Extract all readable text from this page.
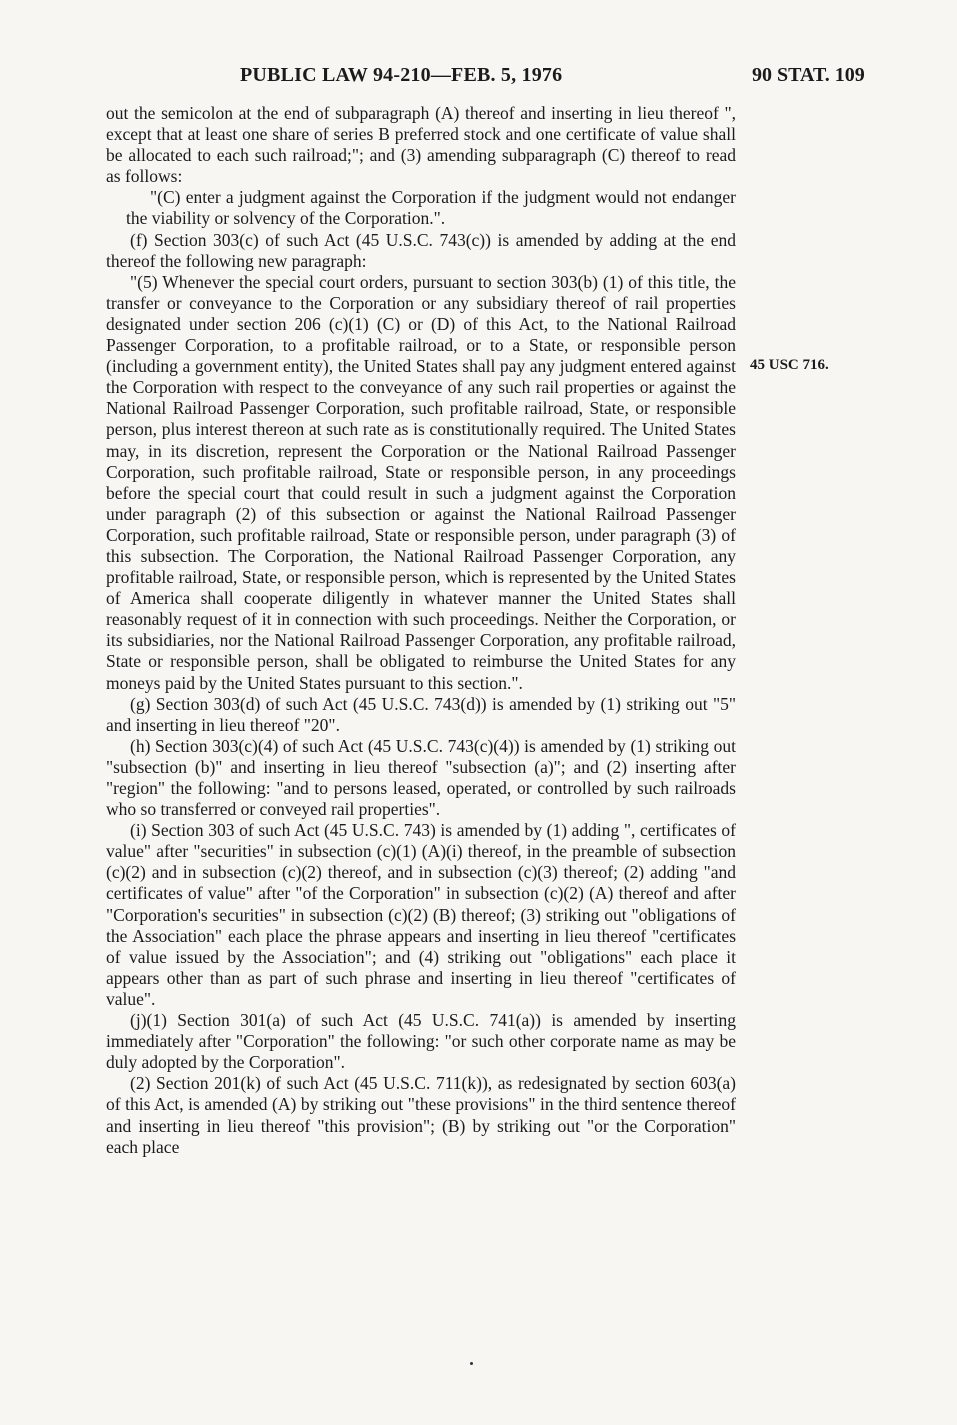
PUBLIC LAW 94-210—FEB. 5, 1976	90 STAT. 109

out the semicolon at the end of subparagraph (A) thereof and inserting in lieu thereof ", except that at least one share of series B preferred stock and one certificate of value shall be allocated to each such railroad;"; and (3) amending subparagraph (C) thereof to read as follows:

"(C) enter a judgment against the Corporation if the judgment would not endanger the viability or solvency of the Corporation.".

(f) Section 303(c) of such Act (45 U.S.C. 743(c)) is amended by adding at the end thereof the following new paragraph:

"(5) Whenever the special court orders, pursuant to section 303(b) (1) of this title, the transfer or conveyance to the Corporation or any subsidiary thereof of rail properties designated under section 206 (c)(1) (C) or (D) of this Act, to the National Railroad Passenger Corporation, to a profitable railroad, or to a State, or responsible person (including a government entity), the United States shall pay any judgment entered against the Corporation with respect to the conveyance of any such rail properties or against the National Railroad Passenger Corporation, such profitable railroad, State, or responsible person, plus interest thereon at such rate as is constitutionally required. The United States may, in its discretion, represent the Corporation or the National Railroad Passenger Corporation, such profitable railroad, State or responsible person, in any proceedings before the special court that could result in such a judgment against the Corporation under paragraph (2) of this subsection or against the National Railroad Passenger Corporation, such profitable railroad, State or responsible person, under paragraph (3) of this subsection. The Corporation, the National Railroad Passenger Corporation, any profitable railroad, State, or responsible person, which is represented by the United States of America shall cooperate diligently in whatever manner the United States shall reasonably request of it in connection with such proceedings. Neither the Corporation, or its subsidiaries, nor the National Railroad Passenger Corporation, any profitable railroad, State or responsible person, shall be obligated to reimburse the United States for any moneys paid by the United States pursuant to this section.".

(g) Section 303(d) of such Act (45 U.S.C. 743(d)) is amended by (1) striking out "5" and inserting in lieu thereof "20".

(h) Section 303(c)(4) of such Act (45 U.S.C. 743(c)(4)) is amended by (1) striking out "subsection (b)" and inserting in lieu thereof "subsection (a)"; and (2) inserting after "region" the following: "and to persons leased, operated, or controlled by such railroads who so transferred or conveyed rail properties".

(i) Section 303 of such Act (45 U.S.C. 743) is amended by (1) adding ", certificates of value" after "securities" in subsection (c)(1) (A)(i) thereof, in the preamble of subsection (c)(2) and in subsection (c)(2) thereof, and in subsection (c)(3) thereof; (2) adding "and certificates of value" after "of the Corporation" in subsection (c)(2) (A) thereof and after "Corporation's securities" in subsection (c)(2) (B) thereof; (3) striking out "obligations of the Association" each place the phrase appears and inserting in lieu thereof "certificates of value issued by the Association"; and (4) striking out "obligations" each place it appears other than as part of such phrase and inserting in lieu thereof "certificates of value".

(j)(1) Section 301(a) of such Act (45 U.S.C. 741(a)) is amended by inserting immediately after "Corporation" the following: "or such other corporate name as may be duly adopted by the Corporation".

(2) Section 201(k) of such Act (45 U.S.C. 711(k)), as redesignated by section 603(a) of this Act, is amended (A) by striking out "these provisions" in the third sentence thereof and inserting in lieu thereof "this provision"; (B) by striking out "or the Corporation" each place

45 USC 716.
